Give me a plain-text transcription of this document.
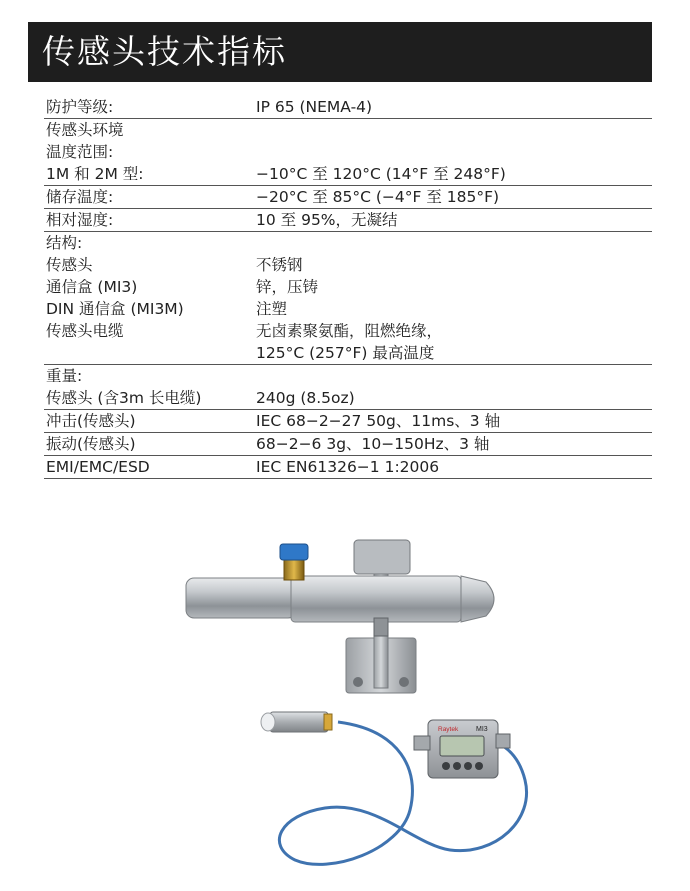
传感头技术指标
防护等级:	IP 65 (NEMA-4)
传感头环境
温度范围:
1M 和 2M 型:	−10°C 至 120°C (14°F 至 248°F)
储存温度:	−20°C 至 85°C (−4°F 至 185°F)
相对湿度:	10 至 95%，无凝结
结构:
传感头	不锈钢
通信盒 (MI3)	锌，压铸
DIN 通信盒 (MI3M)	注塑
传感头电缆	无卤素聚氨酯，阻燃绝缘，
125°C (257°F) 最高温度
重量:
传感头 (含3m 长电缆)	240g (8.5oz)
冲击(传感头)	IEC 68−2−27 50g、11ms、3 轴
振动(传感头)	68−2−6 3g、10−150Hz、3 轴
EMI/EMC/ESD	IEC EN61326−1 1:2006
Raytek	MI3
